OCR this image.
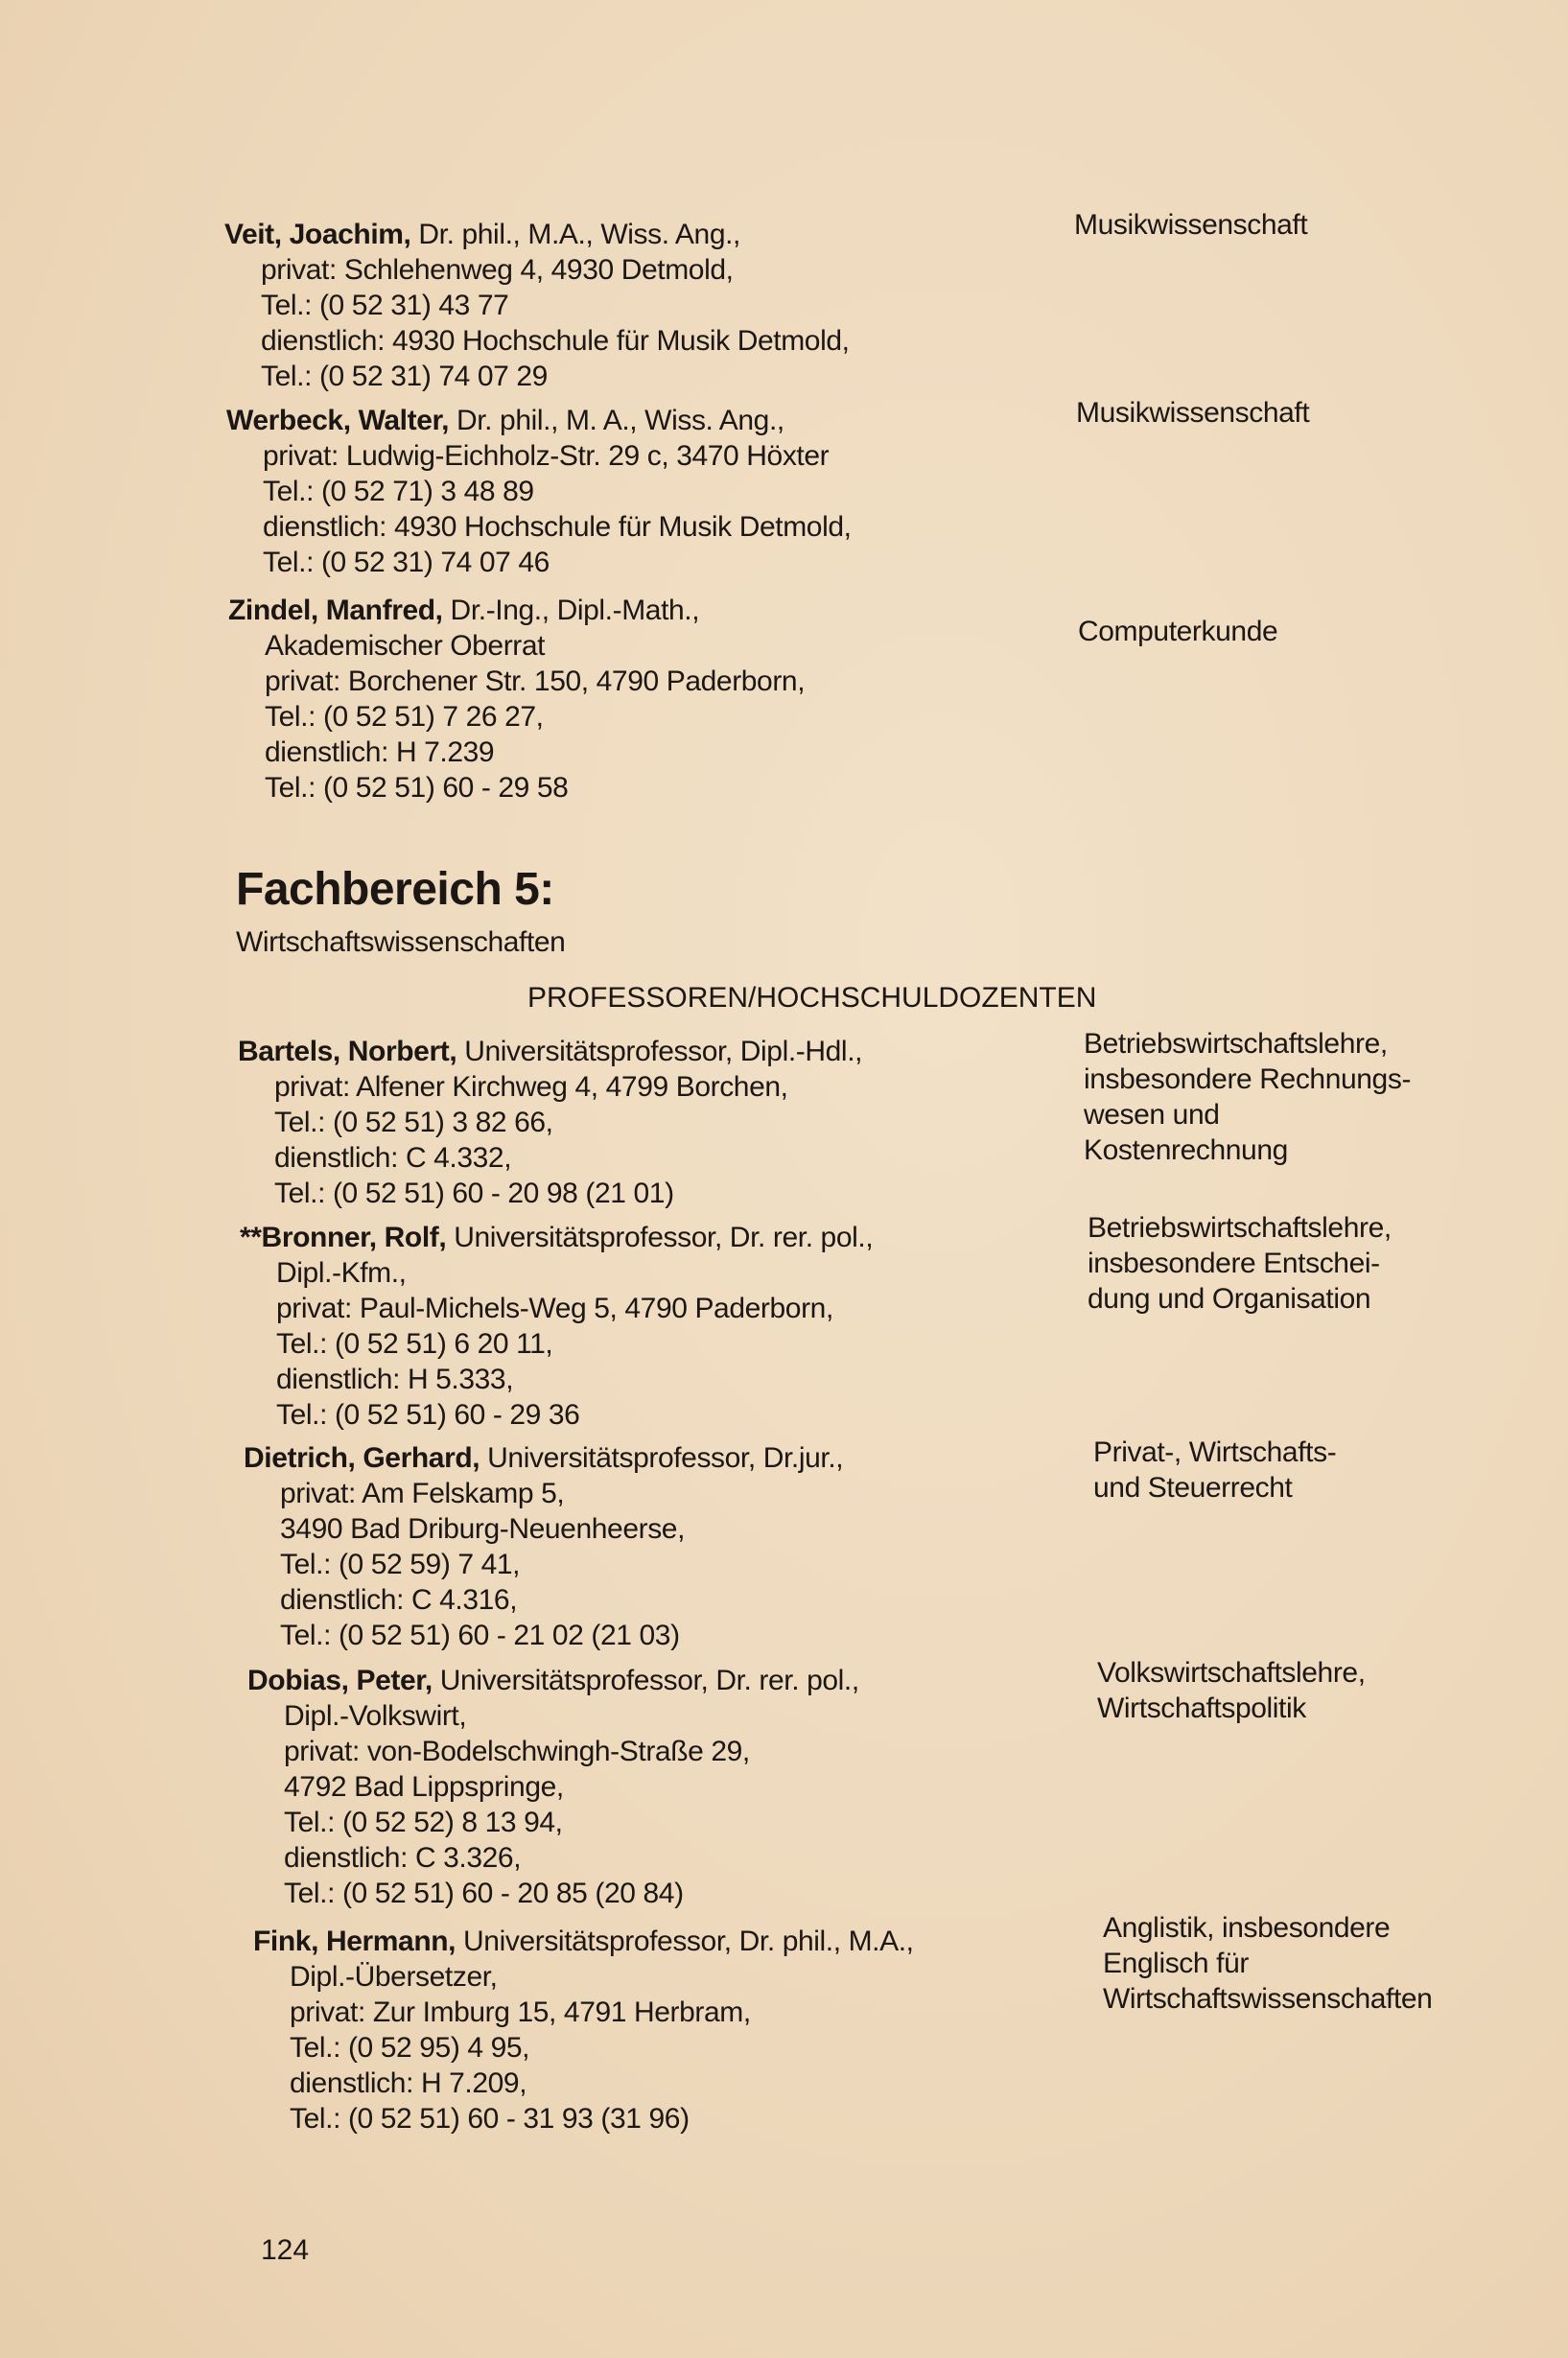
Veit, Joachim, Dr. phil., M.A., Wiss. Ang.,
privat: Schlehenweg 4, 4930 Detmold,
Tel.: (0 52 31) 43 77
dienstlich: 4930 Hochschule für Musik Detmold,
Tel.: (0 52 31) 74 07 29
Musikwissenschaft
Werbeck, Walter, Dr. phil., M. A., Wiss. Ang.,
privat: Ludwig-Eichholz-Str. 29 c, 3470 Höxter
Tel.: (0 52 71) 3 48 89
dienstlich: 4930 Hochschule für Musik Detmold,
Tel.: (0 52 31) 74 07 46
Musikwissenschaft
Zindel, Manfred, Dr.-Ing., Dipl.-Math.,
Akademischer Oberrat
privat: Borchener Str. 150, 4790 Paderborn,
Tel.: (0 52 51) 7 26 27,
dienstlich: H 7.239
Tel.: (0 52 51) 60 - 29 58
Computerkunde
Fachbereich 5:
Wirtschaftswissenschaften
PROFESSOREN/HOCHSCHULDOZENTEN
Bartels, Norbert, Universitätsprofessor, Dipl.-Hdl.,
privat: Alfener Kirchweg 4, 4799 Borchen,
Tel.: (0 52 51) 3 82 66,
dienstlich: C 4.332,
Tel.: (0 52 51) 60 - 20 98 (21 01)
Betriebswirtschaftslehre,
insbesondere Rechnungs-
wesen und
Kostenrechnung
**Bronner, Rolf, Universitätsprofessor, Dr. rer. pol.,
Dipl.-Kfm.,
privat: Paul-Michels-Weg 5, 4790 Paderborn,
Tel.: (0 52 51) 6 20 11,
dienstlich: H 5.333,
Tel.: (0 52 51) 60 - 29 36
Betriebswirtschaftslehre,
insbesondere Entschei-
dung und Organisation
Dietrich, Gerhard, Universitätsprofessor, Dr.jur.,
privat: Am Felskamp 5,
3490 Bad Driburg-Neuenheerse,
Tel.: (0 52 59) 7 41,
dienstlich: C 4.316,
Tel.: (0 52 51) 60 - 21 02 (21 03)
Privat-, Wirtschafts-
und Steuerrecht
Dobias, Peter, Universitätsprofessor, Dr. rer. pol.,
Dipl.-Volkswirt,
privat: von-Bodelschwingh-Straße 29,
4792 Bad Lippspringe,
Tel.: (0 52 52) 8 13 94,
dienstlich: C 3.326,
Tel.: (0 52 51) 60 - 20 85 (20 84)
Volkswirtschaftslehre,
Wirtschaftspolitik
Fink, Hermann, Universitätsprofessor, Dr. phil., M.A.,
Dipl.-Übersetzer,
privat: Zur Imburg 15, 4791 Herbram,
Tel.: (0 52 95) 4 95,
dienstlich: H 7.209,
Tel.: (0 52 51) 60 - 31 93 (31 96)
Anglistik, insbesondere
Englisch für
Wirtschaftswissenschaften
124
